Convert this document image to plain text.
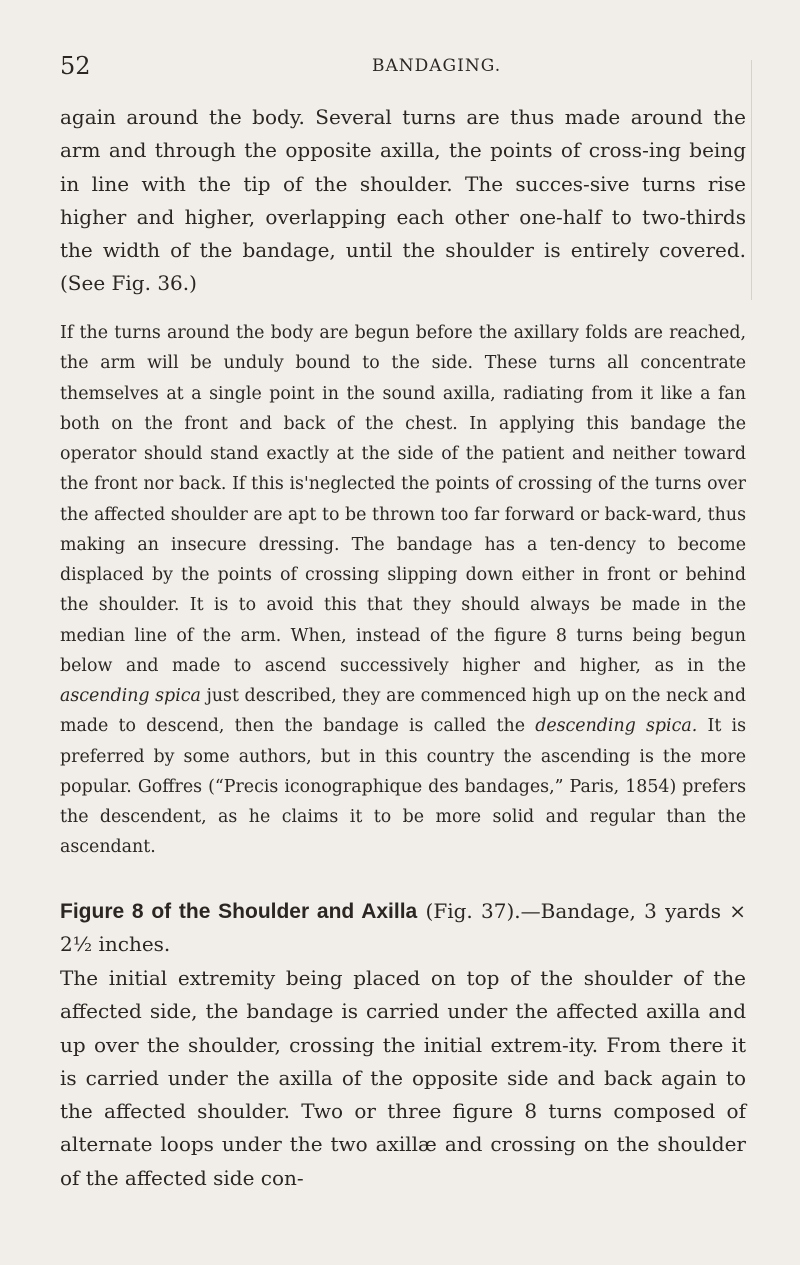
52	BANDAGING.

again around the body. Several turns are thus made around the arm and through the opposite axilla, the points of cross-ing being in line with the tip of the shoulder. The succes-sive turns rise higher and higher, overlapping each other one-half to two-thirds the width of the bandage, until the shoulder is entirely covered. (See Fig. 36.)

If the turns around the body are begun before the axillary folds are reached, the arm will be unduly bound to the side. These turns all concentrate themselves at a single point in the sound axilla, radiating from it like a fan both on the front and back of the chest. In applying this bandage the operator should stand exactly at the side of the patient and neither toward the front nor back. If this is'neglected the points of crossing of the turns over the affected shoulder are apt to be thrown too far forward or back-ward, thus making an insecure dressing. The bandage has a ten-dency to become displaced by the points of crossing slipping down either in front or behind the shoulder. It is to avoid this that they should always be made in the median line of the arm. When, instead of the figure 8 turns being begun below and made to ascend successively higher and higher, as in the ascending spica just described, they are commenced high up on the neck and made to descend, then the bandage is called the descending spica. It is preferred by some authors, but in this country the ascending is the more popular. Goffres (“Precis iconographique des bandages,” Paris, 1854) prefers the descendent, as he claims it to be more solid and regular than the ascendant.

Figure 8 of the Shoulder and Axilla (Fig. 37).—Bandage, 3 yards × 2½ inches.

The initial extremity being placed on top of the shoulder of the affected side, the bandage is carried under the affected axilla and up over the shoulder, crossing the initial extrem-ity. From there it is carried under the axilla of the opposite side and back again to the affected shoulder. Two or three figure 8 turns composed of alternate loops under the two axillæ and crossing on the shoulder of the affected side con-
